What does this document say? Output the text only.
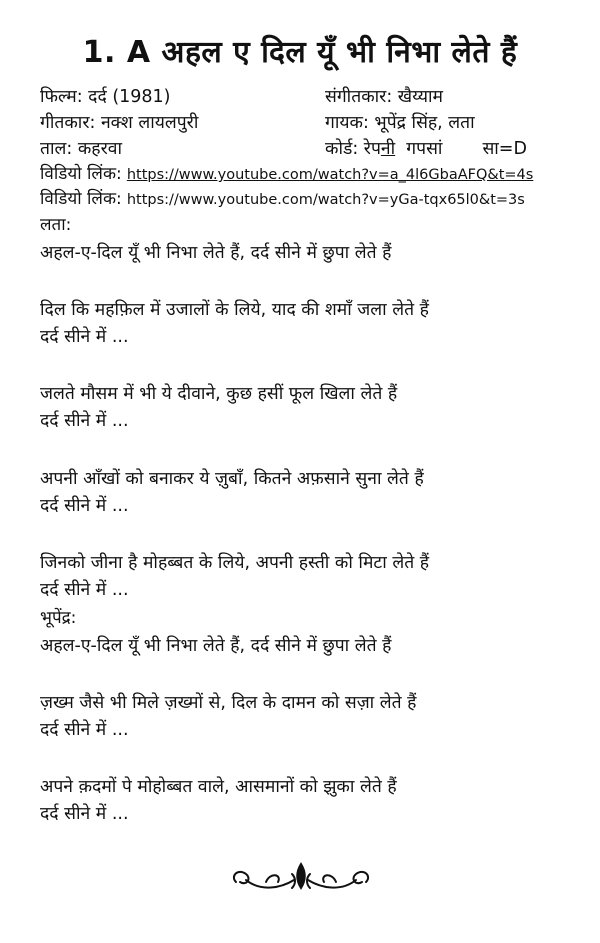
1. A अहल ए दिल यूँ भी निभा लेते हैं
फिल्म: दर्द (1981)	संगीतकार: खैय्याम
गीतकार: नक्श लायलपुरी	गायक: भूपेंद्र सिंह, लता
ताल: कहरवा	कोर्ड: रेपनी  गपसां सा=D
विडियो लिंक: https://www.youtube.com/watch?v=a_4l6GbaAFQ&t=4s
विडियो लिंक: https://www.youtube.com/watch?v=yGa-tqx65l0&t=3s
लता:
अहल-ए-दिल यूँ भी निभा लेते हैं, दर्द सीने में छुपा लेते हैं
दिल कि महफ़िल में उजालों के लिये, याद की शमाँ जला लेते हैं
दर्द सीने में ...
जलते मौसम में भी ये दीवाने, कुछ हसीं फूल खिला लेते हैं
दर्द सीने में ...
अपनी आँखों को बनाकर ये ज़ुबाँ, कितने अफ़साने सुना लेते हैं
दर्द सीने में ...
जिनको जीना है मोहब्बत के लिये, अपनी हस्ती को मिटा लेते हैं
दर्द सीने में ...
भूपेंद्र:
अहल-ए-दिल यूँ भी निभा लेते हैं, दर्द सीने में छुपा लेते हैं
ज़ख्म जैसे भी मिले ज़ख्मों से, दिल के दामन को सज़ा लेते हैं
दर्द सीने में ...
अपने क़दमों पे मोहोब्बत वाले, आसमानों को झुका लेते हैं
दर्द सीने में ...
